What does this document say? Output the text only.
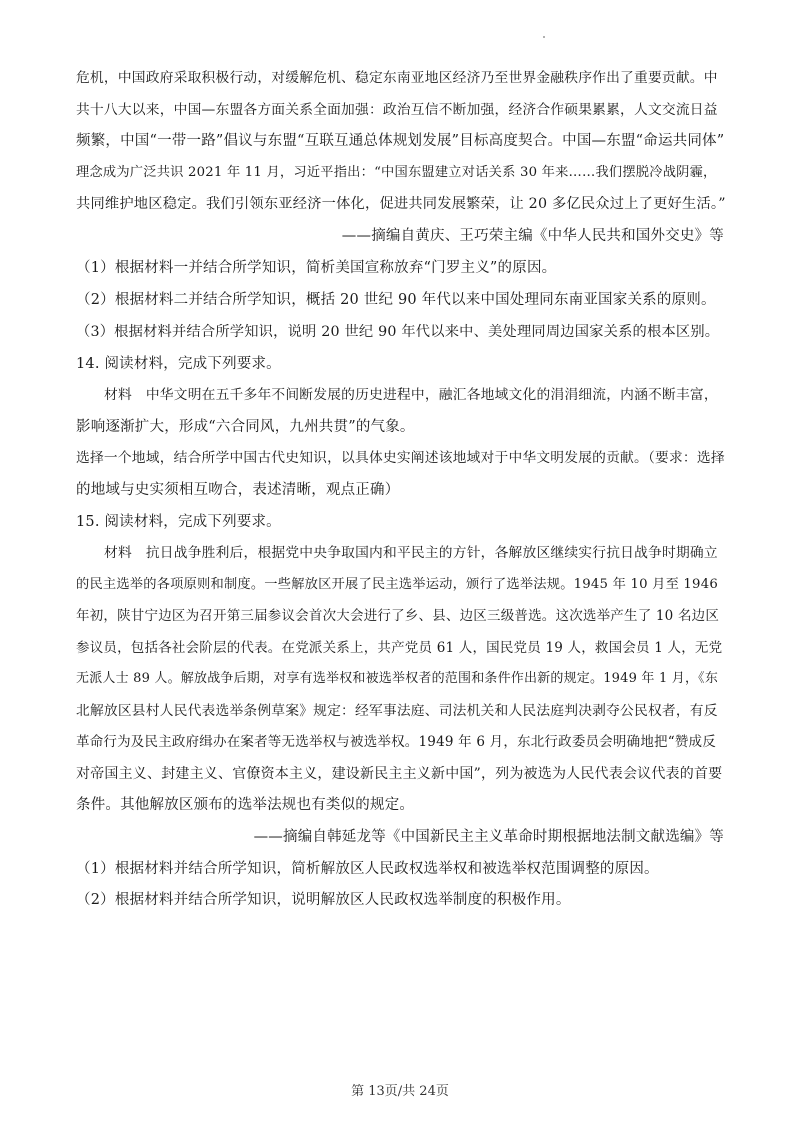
危机，中国政府采取积极行动，对缓解危机、稳定东南亚地区经济乃至世界金融秩序作出了重要贡献。中
共十八大以来，中国—东盟各方面关系全面加强：政治互信不断加强，经济合作硕果累累，人文交流日益
频繁，中国“一带一路”倡议与东盟“互联互通总体规划发展”目标高度契合。中国—东盟“命运共同体”
理念成为广泛共识 2021 年 11 月，习近平指出：“中国东盟建立对话关系 30 年来……我们摆脱冷战阴霾，
共同维护地区稳定。我们引领东亚经济一体化，促进共同发展繁荣，让 20 多亿民众过上了更好生活。”
——摘编自黄庆、王巧荣主编《中华人民共和国外交史》等
（1）根据材料一并结合所学知识，简析美国宣称放弃“门罗主义”的原因。
（2）根据材料二并结合所学知识，概括 20 世纪 90 年代以来中国处理同东南亚国家关系的原则。
（3）根据材料并结合所学知识，说明 20 世纪 90 年代以来中、美处理同周边国家关系的根本区别。
14. 阅读材料，完成下列要求。
材料　中华文明在五千多年不间断发展的历史进程中，融汇各地域文化的涓涓细流，内涵不断丰富，
影响逐渐扩大，形成“六合同风，九州共贯”的气象。
选择一个地域，结合所学中国古代史知识，以具体史实阐述该地域对于中华文明发展的贡献。（要求：选择
的地域与史实须相互吻合，表述清晰，观点正确）
15. 阅读材料，完成下列要求。
材料　抗日战争胜利后，根据党中央争取国内和平民主的方针，各解放区继续实行抗日战争时期确立
的民主选举的各项原则和制度。一些解放区开展了民主选举运动，颁行了选举法规。1945 年 10 月至 1946
年初，陕甘宁边区为召开第三届参议会首次大会进行了乡、县、边区三级普选。这次选举产生了 10 名边区
参议员，包括各社会阶层的代表。在党派关系上，共产党员 61 人，国民党员 19 人，救国会员 1 人，无党
无派人士 89 人。解放战争后期，对享有选举权和被选举权者的范围和条件作出新的规定。1949 年 1 月，《东
北解放区县村人民代表选举条例草案》规定：经军事法庭、司法机关和人民法庭判决剥夺公民权者，有反
革命行为及民主政府缉办在案者等无选举权与被选举权。1949 年 6 月，东北行政委员会明确地把“赞成反
对帝国主义、封建主义、官僚资本主义，建设新民主主义新中国”，列为被选为人民代表会议代表的首要
条件。其他解放区颁布的选举法规也有类似的规定。
——摘编自韩延龙等《中国新民主主义革命时期根据地法制文献选编》等
（1）根据材料并结合所学知识，简析解放区人民政权选举权和被选举权范围调整的原因。
（2）根据材料并结合所学知识，说明解放区人民政权选举制度的积极作用。
第 13页/共 24页
